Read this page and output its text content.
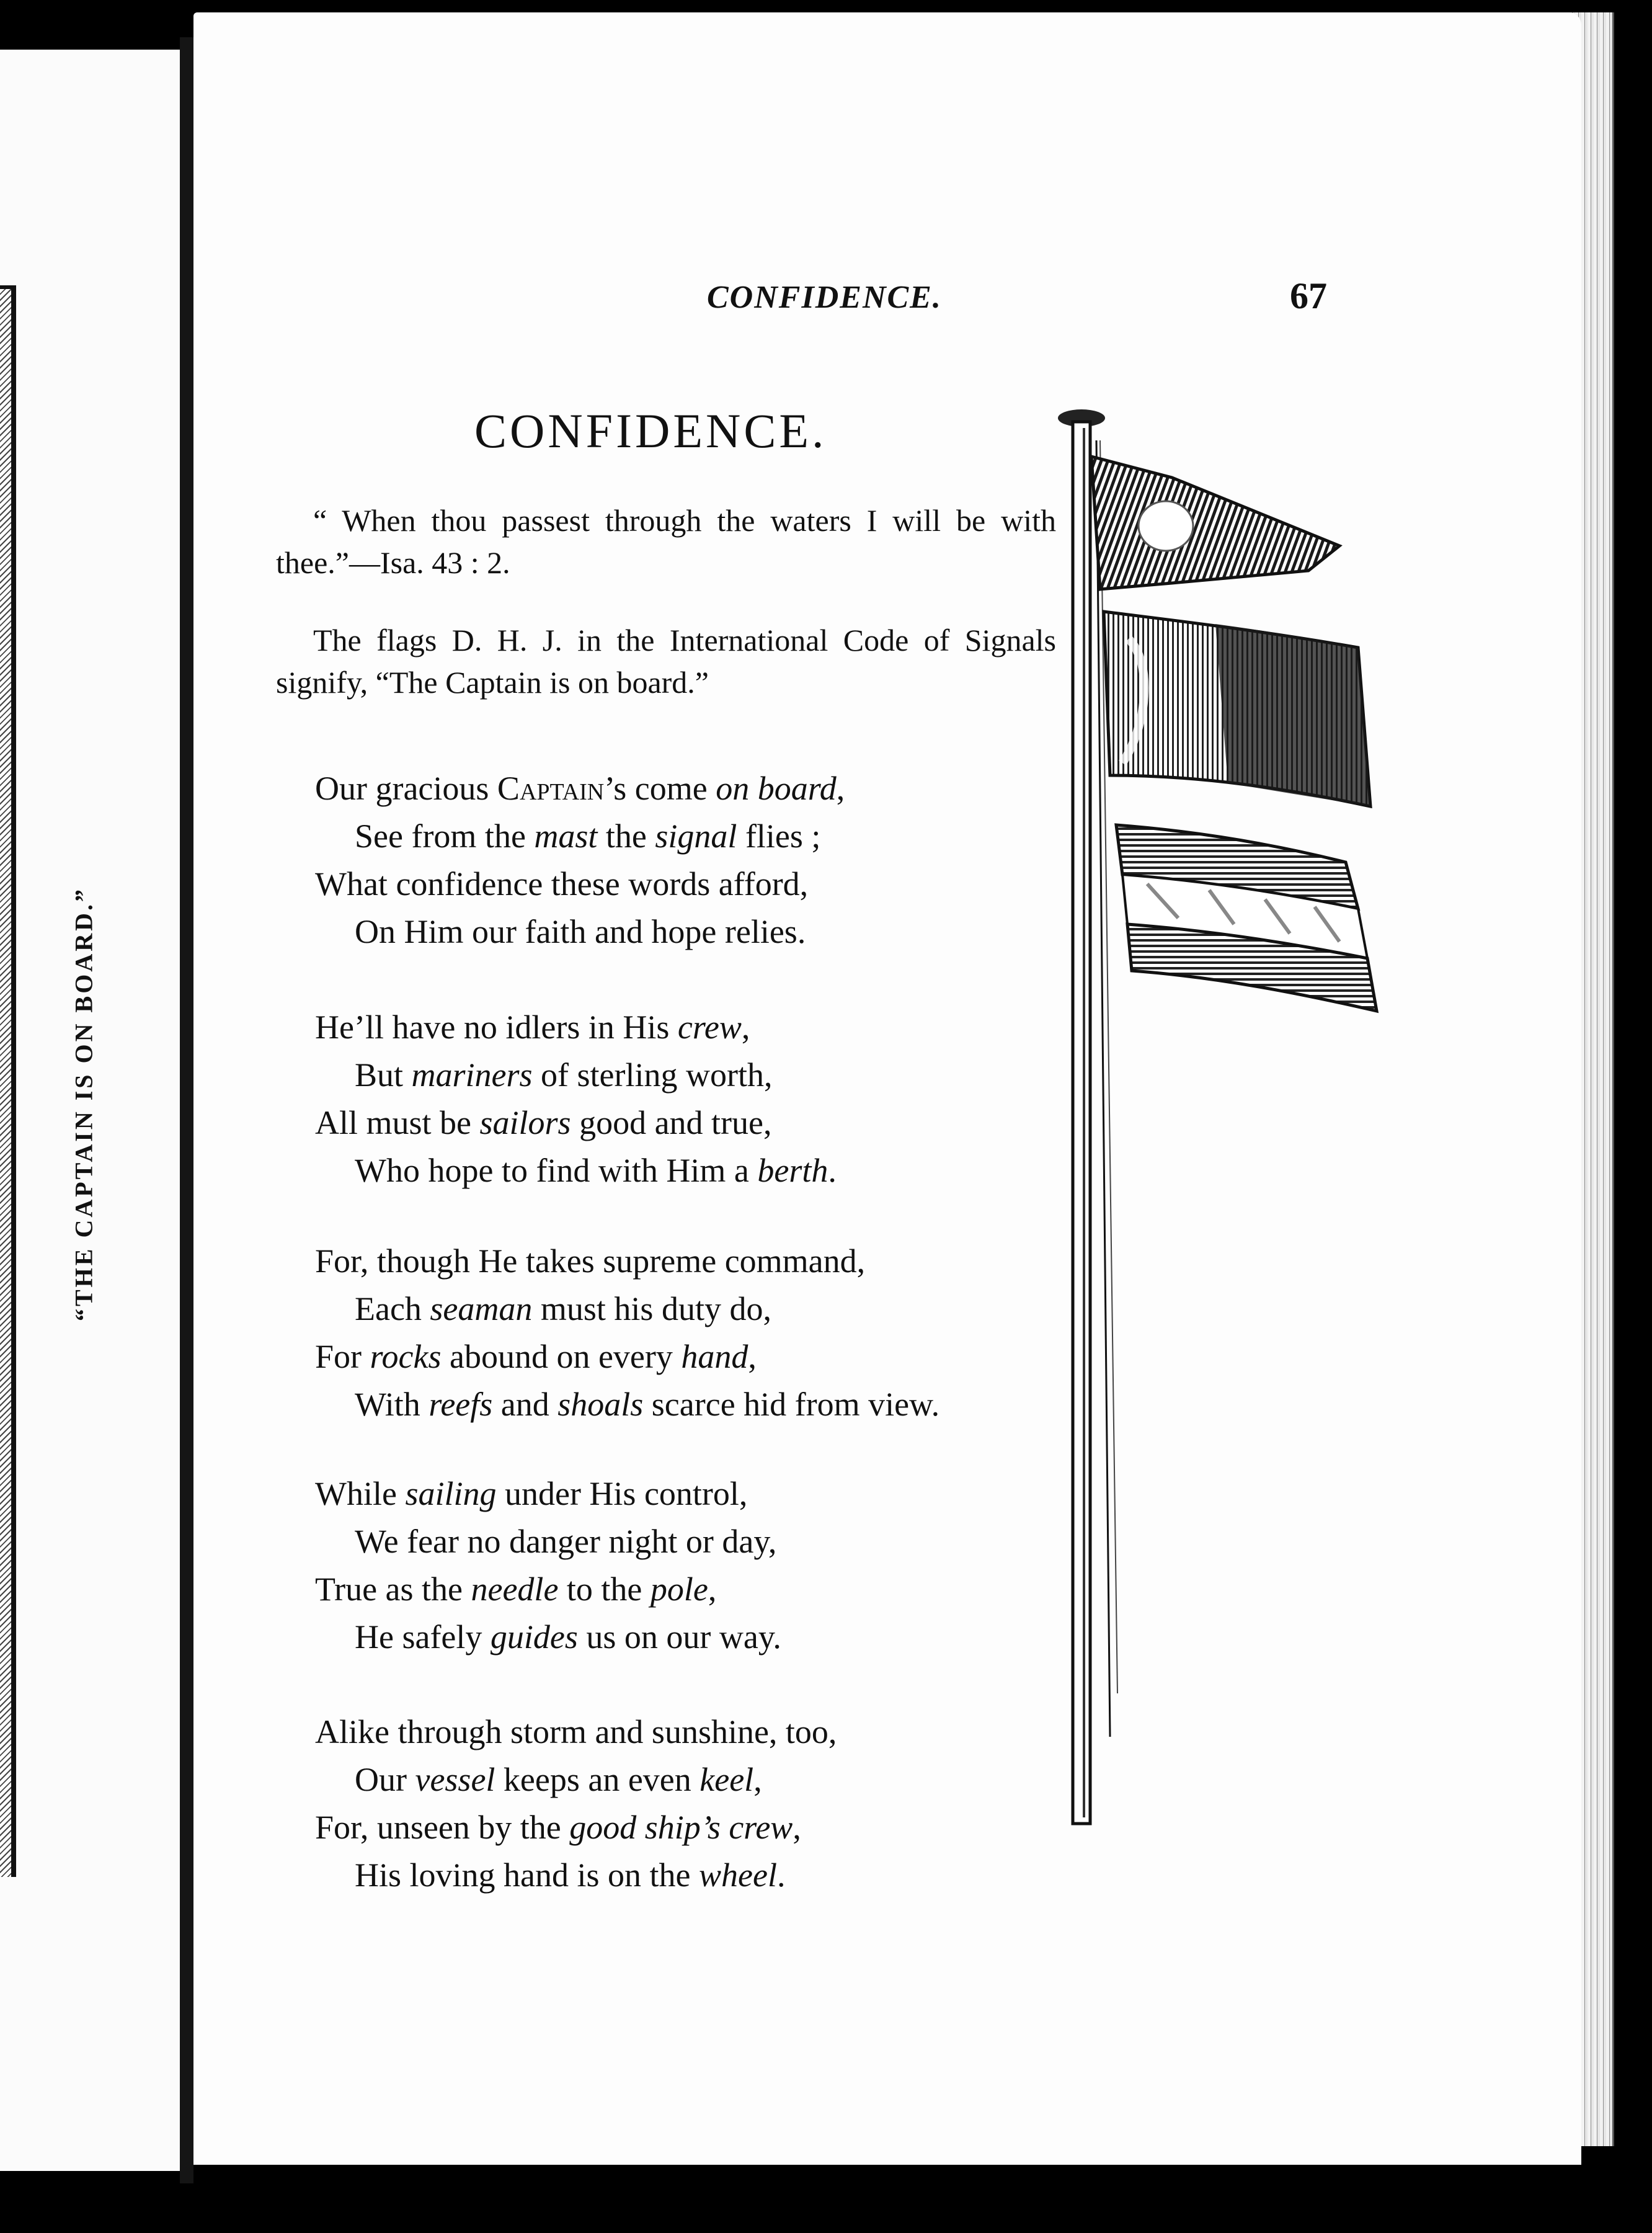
“THE CAPTAIN IS ON BOARD.”
CONFIDENCE.	67
CONFIDENCE.
“ When thou passest through the waters I will be with thee.”—Isa. 43 : 2.
The flags D. H. J. in the International Code of Signals signify, “The Captain is on board.”
Our gracious Captain’s come on board,
See from the mast the signal flies ;
What confidence these words afford,
On Him our faith and hope relies.
He’ll have no idlers in His crew,
But mariners of sterling worth,
All must be sailors good and true,
Who hope to find with Him a berth.
For, though He takes supreme command,
Each seaman must his duty do,
For rocks abound on every hand,
With reefs and shoals scarce hid from view.
While sailing under His control,
We fear no danger night or day,
True as the needle to the pole,
He safely guides us on our way.
Alike through storm and sunshine, too,
Our vessel keeps an even keel,
For, unseen by the good ship’s crew,
His loving hand is on the wheel.
